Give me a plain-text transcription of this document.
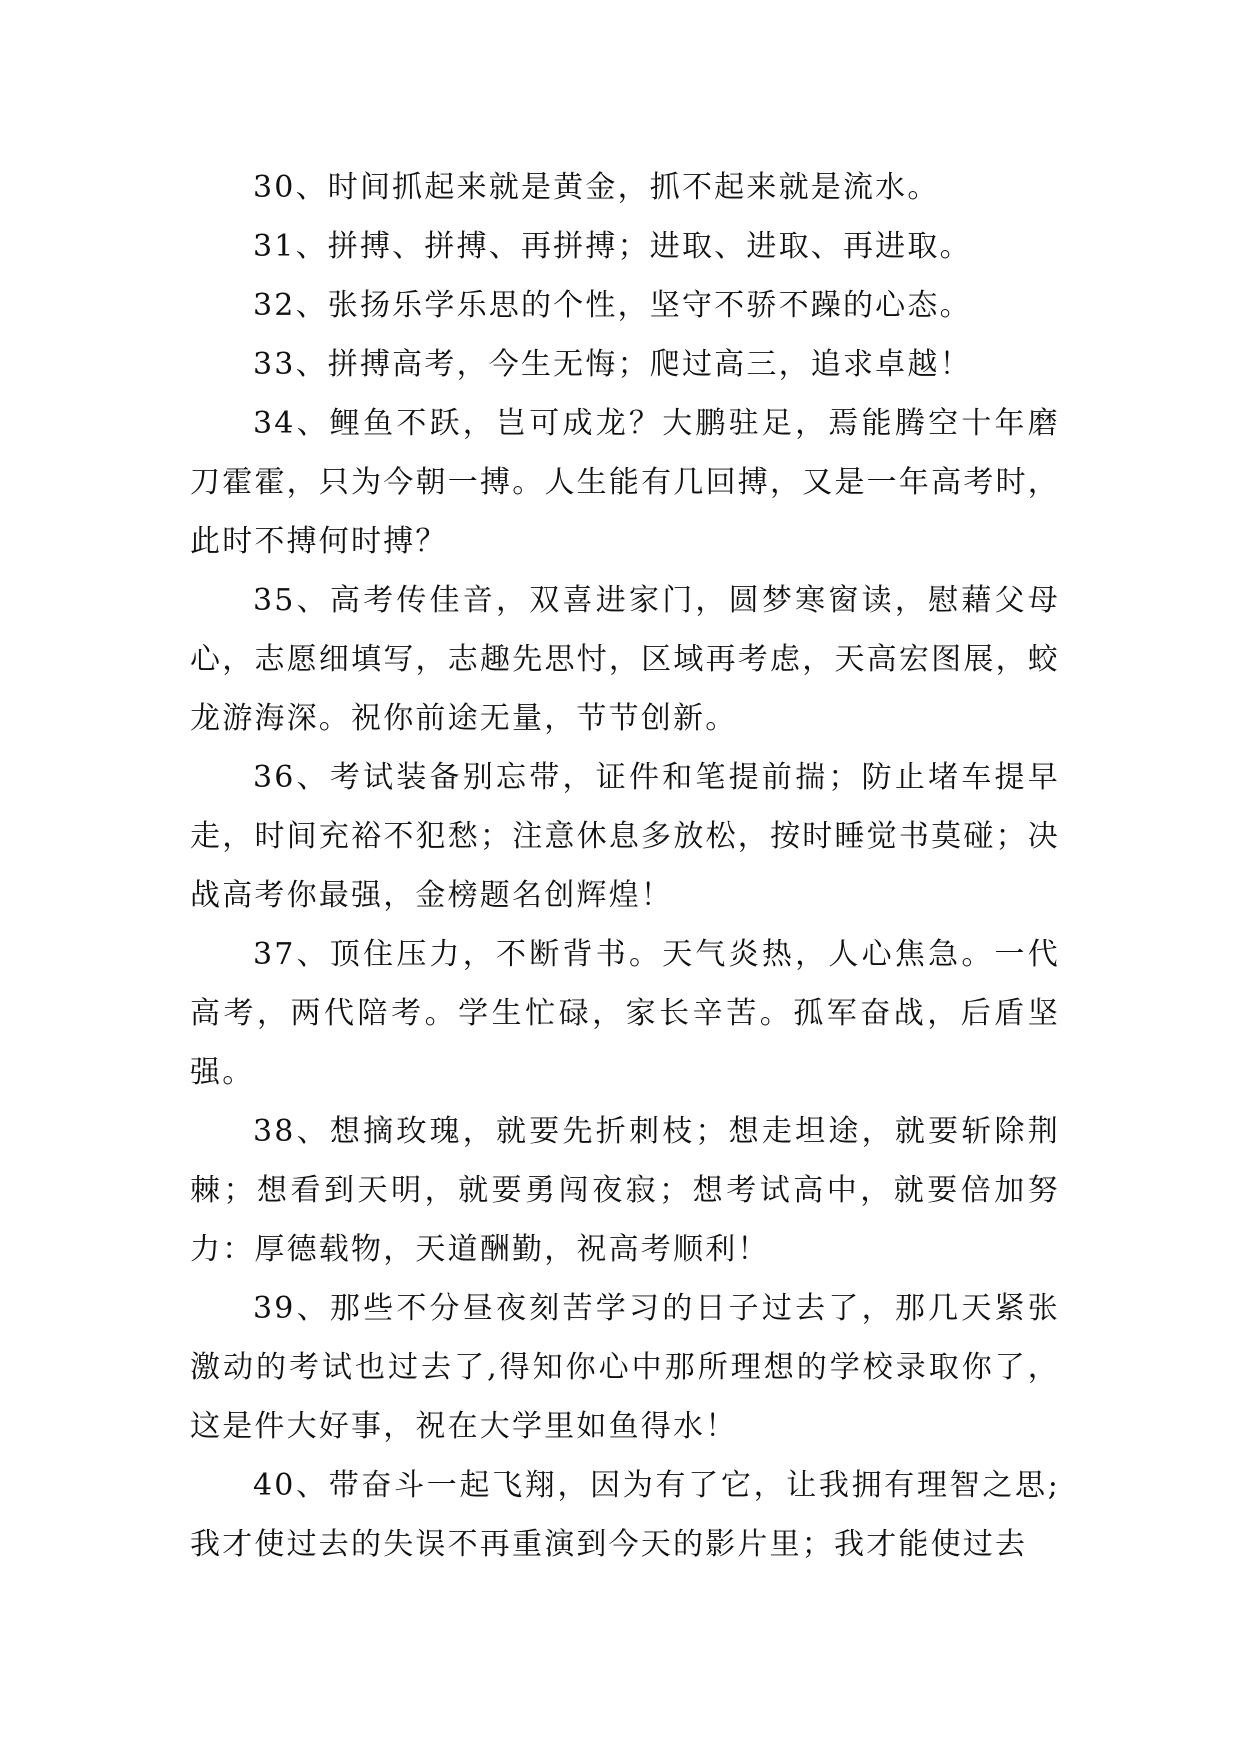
30、时间抓起来就是黄金，抓不起来就是流水。

31、拼搏、拼搏、再拼搏；进取、进取、再进取。

32、张扬乐学乐思的个性，坚守不骄不躁的心态。

33、拼搏高考，今生无悔；爬过高三，追求卓越！

34、鲤鱼不跃，岂可成龙？大鹏驻足，焉能腾空十年磨刀霍霍，只为今朝一搏。人生能有几回搏，又是一年高考时，此时不搏何时搏？

35、高考传佳音，双喜进家门，圆梦寒窗读，慰藉父母心，志愿细填写，志趣先思忖，区域再考虑，天高宏图展，蛟龙游海深。祝你前途无量，节节创新。

36、考试装备别忘带，证件和笔提前揣；防止堵车提早走，时间充裕不犯愁；注意休息多放松，按时睡觉书莫碰；决战高考你最强，金榜题名创辉煌！

37、顶住压力，不断背书。天气炎热，人心焦急。一代高考，两代陪考。学生忙碌，家长辛苦。孤军奋战，后盾坚强。

38、想摘玫瑰，就要先折刺枝；想走坦途，就要斩除荆棘；想看到天明，就要勇闯夜寂；想考试高中，就要倍加努力：厚德载物，天道酬勤，祝高考顺利！

39、那些不分昼夜刻苦学习的日子过去了，那几天紧张激动的考试也过去了,得知你心中那所理想的学校录取你了，这是件大好事，祝在大学里如鱼得水！

40、带奋斗一起飞翔，因为有了它，让我拥有理智之思;我才使过去的失误不再重演到今天的影片里；我才能使过去
